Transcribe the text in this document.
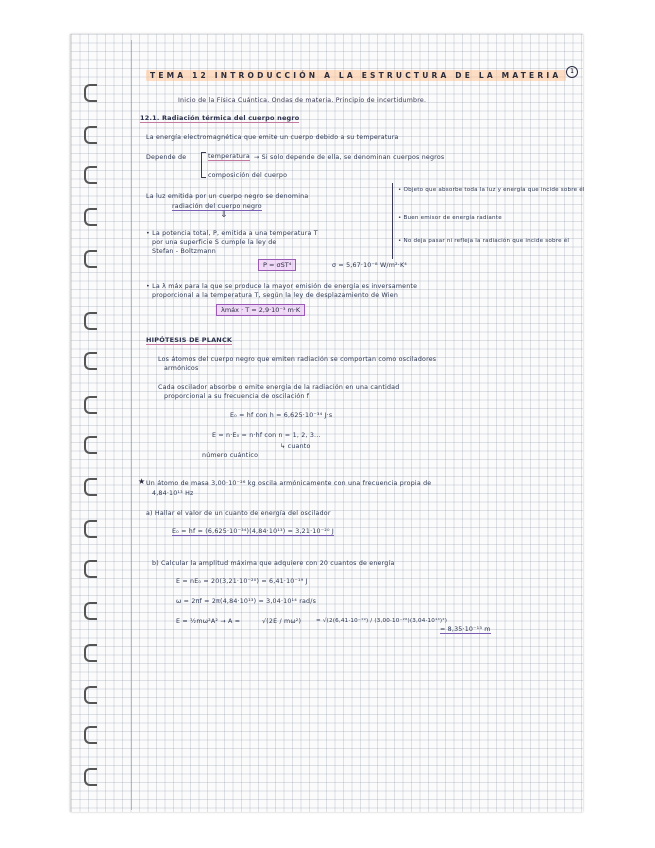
TEMA 12 INTRODUCCIÓN A LA ESTRUCTURA DE LA MATERIA	1
Inicio de la Física Cuántica. Ondas de materia. Principio de incertidumbre.
12.1. Radiación térmica del cuerpo negro
La energía electromagnética que emite un cuerpo debido a su temperatura
Depende de	temperatura → Si solo depende de ella, se denominan cuerpos negros
composición del cuerpo
La luz emitida por un cuerpo negro se denomina
radiación del cuerpo negro
⇓
• Objeto que absorbe toda la luz y energía que incide sobre él
• Buen emisor de energía radiante
• No deja pasar ni refleja la radiación que incide sobre él
• La potencia total, P, emitida a una temperatura T
por una superficie S cumple la ley de
Stefan - Boltzmann
P = σST⁴	σ = 5,67·10⁻⁸ W/m²·K⁴
• La λ máx para la que se produce la mayor emisión de energía es inversamente
proporcional a la temperatura T, según la ley de desplazamiento de Wien
λmáx · T = 2,9·10⁻³ m·K
HIPÓTESIS DE PLANCK
Los átomos del cuerpo negro que emiten radiación se comportan como osciladores
armónicos
Cada oscilador absorbe o emite energía de la radiación en una cantidad
proporcional a su frecuencia de oscilación f
E₀ = hf con h = 6,625·10⁻³⁴ J·s
E = n·E₀ = n·hf con n = 1, 2, 3...
↳ cuanto
número cuántico
★ Un átomo de masa 3,00·10⁻²⁶ kg oscila armónicamente con una frecuencia propia de
4,84·10¹³ Hz
a) Hallar el valor de un cuanto de energía del oscilador
E₀ = hf = (6,625·10⁻³⁴)(4,84·10¹³) = 3,21·10⁻²⁰ J
b) Calcular la amplitud máxima que adquiere con 20 cuantos de energía
E = nE₀ = 20(3,21·10⁻²⁰) = 6,41·10⁻¹⁹ J
ω = 2πf = 2π(4,84·10¹³) = 3,04·10¹⁴ rad/s
E = ½mω²A² → A =	√(2E / mω²)	= √(2(6,41·10⁻¹⁹) / (3,00·10⁻²⁶)(3,04·10¹⁴)²)
= 8,35·10⁻¹³ m
